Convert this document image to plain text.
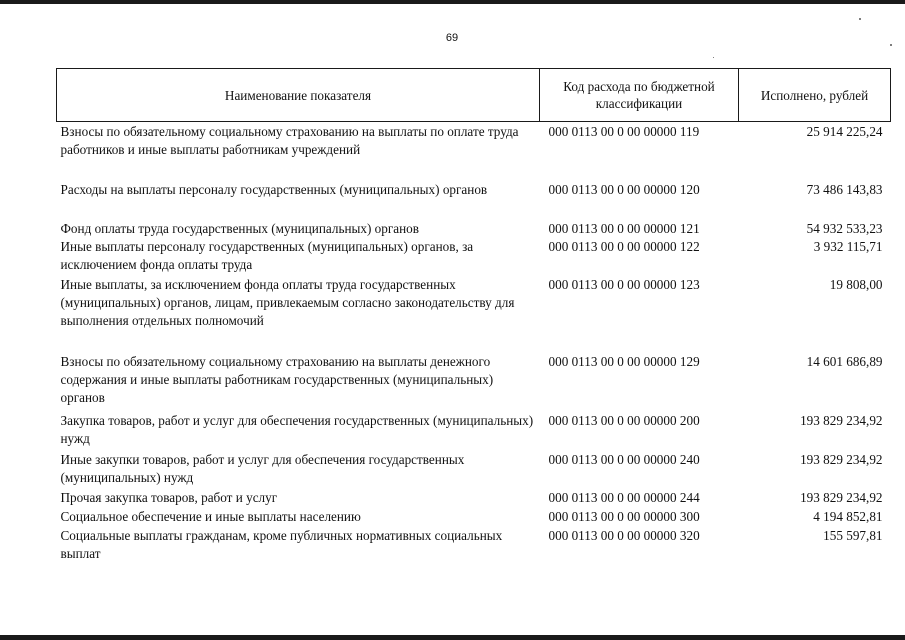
69
Наименование показателя	Код расхода по бюджетной классификации	Исполнено, рублей
Взносы по обязательному социальному страхованию на выплаты по оплате труда работников и иные выплаты работникам учреждений	000 0113 00 0 00 00000 119	25 914 225,24
Расходы на выплаты персоналу государственных (муниципальных) органов	000 0113 00 0 00 00000 120	73 486 143,83
Фонд оплаты труда государственных (муниципальных) органов	000 0113 00 0 00 00000 121	54 932 533,23
Иные выплаты персоналу государственных (муниципальных) органов, за исключением фонда оплаты труда	000 0113 00 0 00 00000 122	3 932 115,71
Иные выплаты, за исключением фонда оплаты труда государственных (муниципальных) органов, лицам, привлекаемым согласно законодательству для выполнения отдельных полномочий	000 0113 00 0 00 00000 123	19 808,00
Взносы по обязательному социальному страхованию на выплаты денежного содержания и иные выплаты работникам государственных (муниципальных) органов	000 0113 00 0 00 00000 129	14 601 686,89
Закупка товаров, работ и услуг для обеспечения государственных (муниципальных) нужд	000 0113 00 0 00 00000 200	193 829 234,92
Иные закупки товаров, работ и услуг для обеспечения государственных (муниципальных) нужд	000 0113 00 0 00 00000 240	193 829 234,92
Прочая закупка товаров, работ и услуг	000 0113 00 0 00 00000 244	193 829 234,92
Социальное обеспечение и иные выплаты населению	000 0113 00 0 00 00000 300	4 194 852,81
Социальные выплаты гражданам, кроме публичных нормативных социальных выплат	000 0113 00 0 00 00000 320	155 597,81
